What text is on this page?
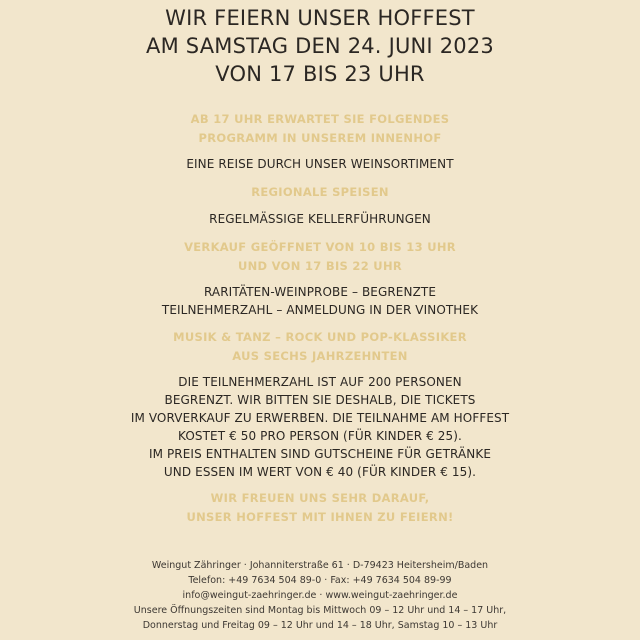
WIR FEIERN UNSER HOFFEST
AM SAMSTAG DEN 24. JUNI 2023
VON 17 BIS 23 UHR
AB 17 UHR ERWARTET SIE FOLGENDES
PROGRAMM IN UNSEREM INNENHOF
EINE REISE DURCH UNSER WEINSORTIMENT
REGIONALE SPEISEN
REGELMÄSSIGE KELLERFÜHRUNGEN
VERKAUF GEÖFFNET VON 10 BIS 13 UHR
UND VON 17 BIS 22 UHR
RARITÄTEN-WEINPROBE – BEGRENZTE
TEILNEHMERZAHL – ANMELDUNG IN DER VINOTHEK
MUSIK & TANZ – ROCK UND POP-KLASSIKER
AUS SECHS JAHRZEHNTEN
DIE TEILNEHMERZAHL IST AUF 200 PERSONEN
BEGRENZT. WIR BITTEN SIE DESHALB, DIE TICKETS
IM VORVERKAUF ZU ERWERBEN. DIE TEILNAHME AM HOFFEST
KOSTET € 50 PRO PERSON (FÜR KINDER € 25).
IM PREIS ENTHALTEN SIND GUTSCHEINE FÜR GETRÄNKE
UND ESSEN IM WERT VON € 40 (FÜR KINDER € 15).
WIR FREUEN UNS SEHR DARAUF,
UNSER HOFFEST MIT IHNEN ZU FEIERN!
Weingut Zähringer · Johanniterstraße 61 · D-79423 Heitersheim/Baden
Telefon: +49 7634 504 89-0 · Fax: +49 7634 504 89-99
info@weingut-zaehringer.de · www.weingut-zaehringer.de
Unsere Öffnungszeiten sind Montag bis Mittwoch 09 – 12 Uhr und 14 – 17 Uhr,
Donnerstag und Freitag 09 – 12 Uhr und 14 – 18 Uhr, Samstag 10 – 13 Uhr
